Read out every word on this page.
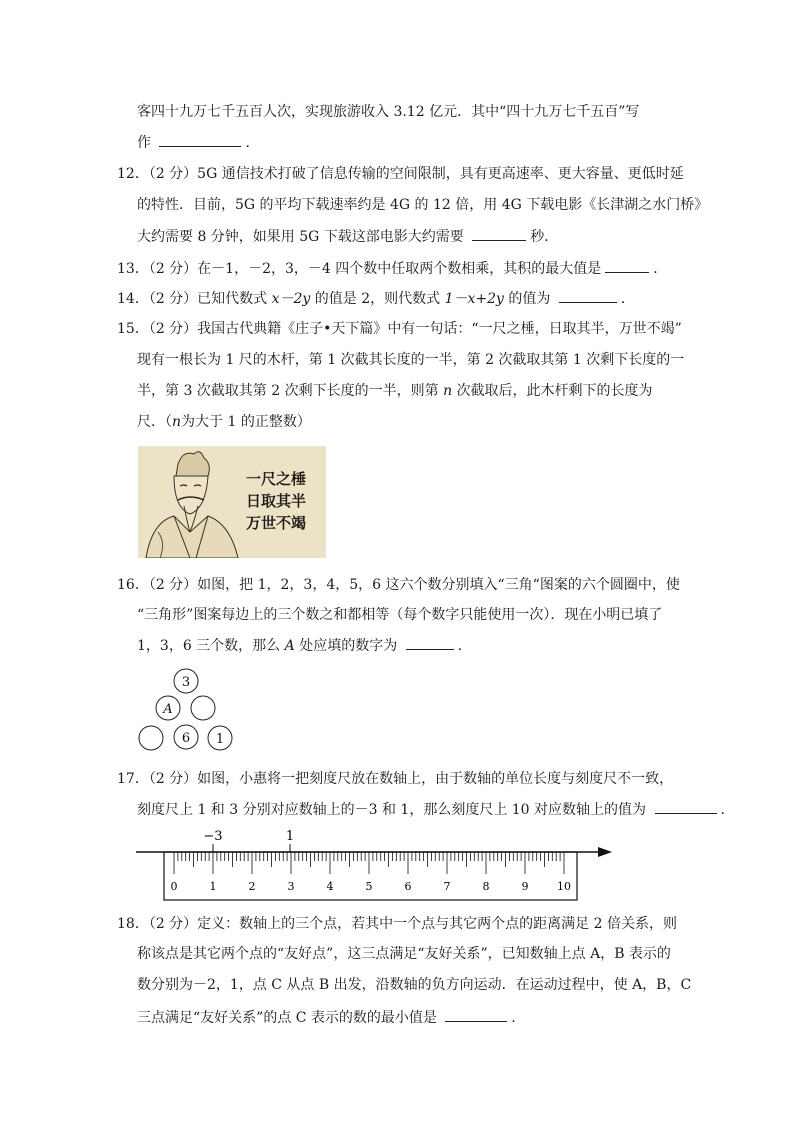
客四十九万七千五百人次，实现旅游收入 3.12 亿元．其中“四十九万七千五百”写
作	．
12．（2 分）5G 通信技术打破了信息传输的空间限制，具有更高速率、更大容量、更低时延
的特性．目前，5G 的平均下载速率约是 4G 的 12 倍，用 4G 下载电影《长津湖之水门桥》
大约需要 8 分钟，如果用 5G 下载这部电影大约需要	秒．
13．（2 分）在－1，－2，3，－4 四个数中任取两个数相乘，其积的最大值是	．
14．（2 分）已知代数式 x－2y 的值是 2，则代数式 1－x+2y 的值为	．
15．（2 分）我国古代典籍《庄子•天下篇》中有一句话：“一尺之棰，日取其半，万世不竭”
现有一根长为 1 尺的木杆，第 1 次截其长度的一半，第 2 次截取其第 1 次剩下长度的一
半，第 3 次截取其第 2 次剩下长度的一半，则第 n 次截取后，此木杆剩下的长度为
尺．（n为大于 1 的正整数）
一尺之棰
日取其半
万世不竭
16．（2 分）如图，把 1，2，3，4，5，6 这六个数分别填入“三角“图案的六个圆圈中，使
“三角形”图案每边上的三个数之和都相等（每个数字只能使用一次）．现在小明已填了
1，3，6 三个数，那么 A 处应填的数字为	．
3
A
6 1
17．（2 分）如图，小惠将一把刻度尺放在数轴上，由于数轴的单位长度与刻度尺不一致，
刻度尺上 1 和 3 分别对应数轴上的－3 和 1，那么刻度尺上 10 对应数轴上的值为	.
−3	1
0	1	2	3	4	5	6	7	8	9	10
18．（2 分）定义：数轴上的三个点，若其中一个点与其它两个点的距离满足 2 倍关系，则
称该点是其它两个点的“友好点”，这三点满足“友好关系”，已知数轴上点 A，B 表示的
数分别为－2，1，点 C 从点 B 出发，沿数轴的负方向运动．在运动过程中，使 A，B，C
三点满足“友好关系”的点 C 表示的数的最小值是	．
